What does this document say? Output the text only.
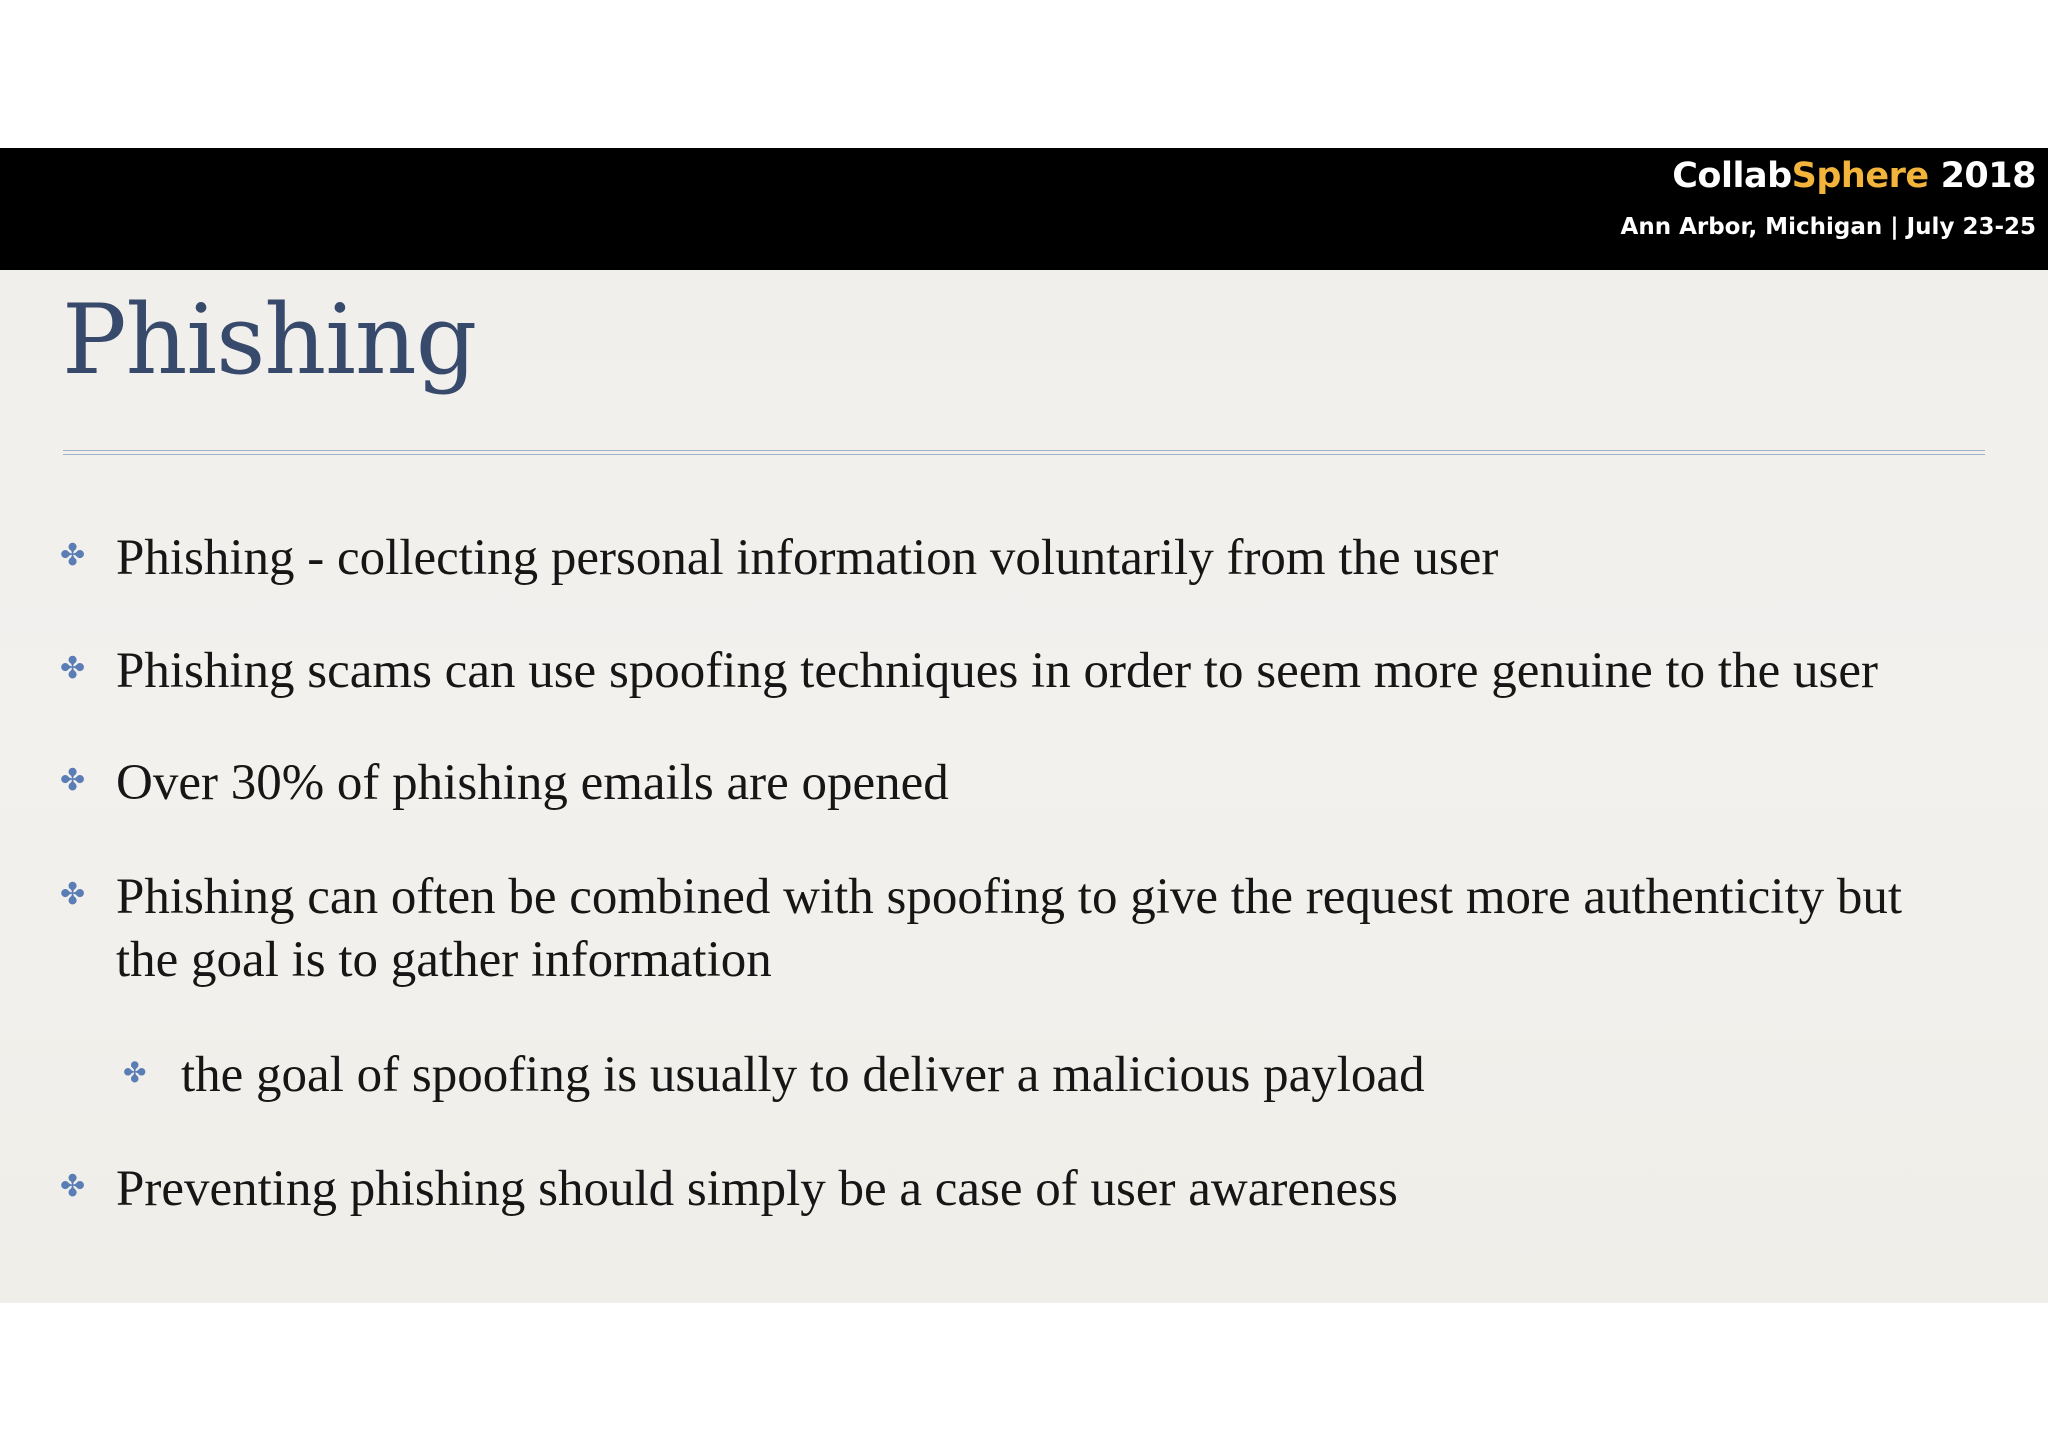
CollabSphere 2018
Ann Arbor, Michigan | July 23-25
Phishing
✤ Phishing - collecting personal information voluntarily from the user
✤ Phishing scams can use spoofing techniques in order to seem more genuine to the user
✤ Over 30% of phishing emails are opened
✤ Phishing can often be combined with spoofing to give the request more authenticity but the goal is to gather information
✤ the goal of spoofing is usually to deliver a malicious payload
✤ Preventing phishing should simply be a case of user awareness
